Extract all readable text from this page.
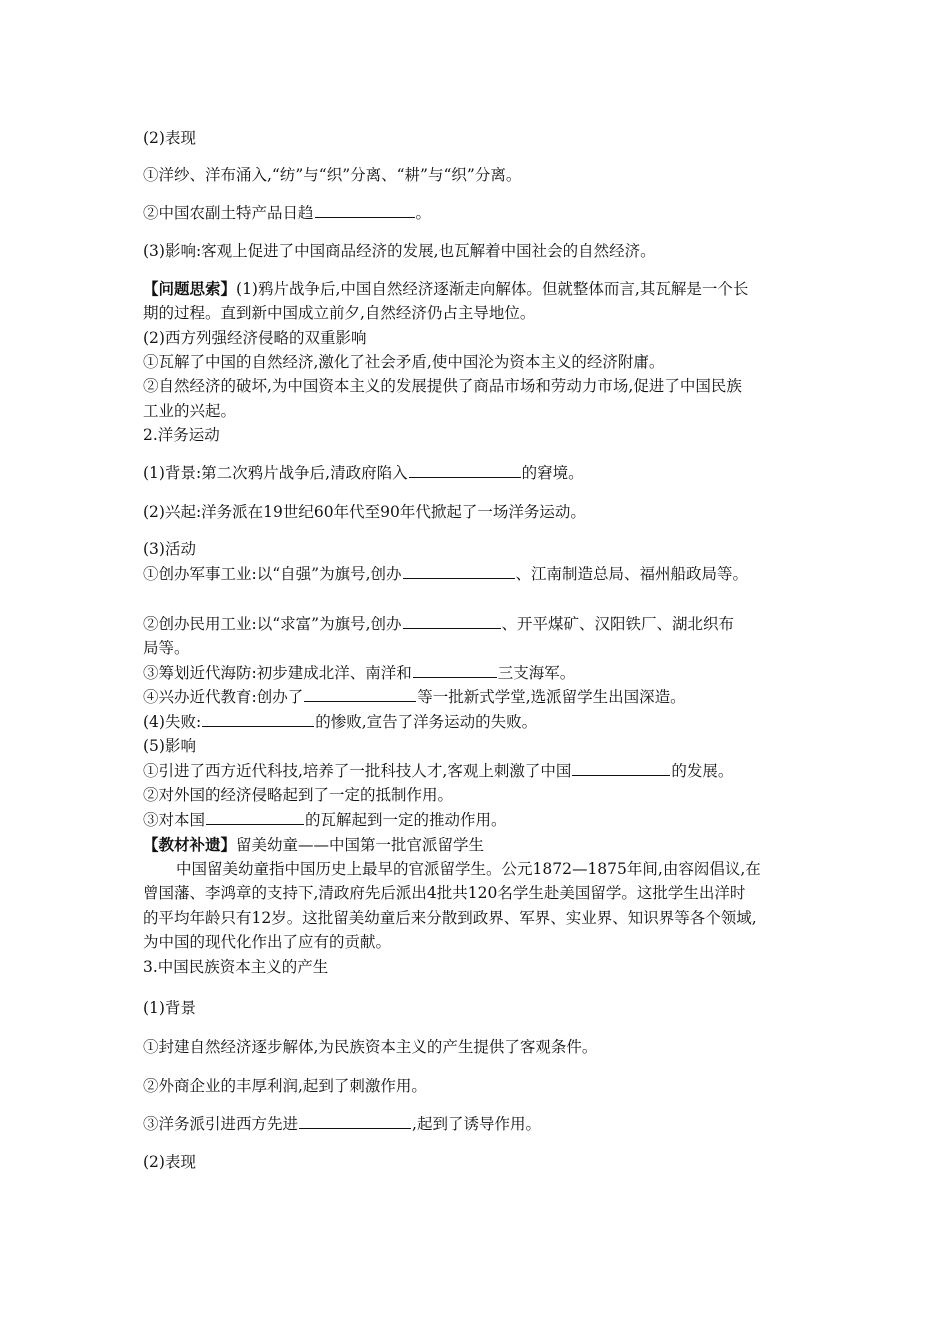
(2)表现
①洋纱、洋布涌入,“纺”与“织”分离、“耕”与“织”分离。
②中国农副土特产品日趋	。
(3)影响:客观上促进了中国商品经济的发展,也瓦解着中国社会的自然经济。
【问题思索】(1)鸦片战争后,中国自然经济逐渐走向解体。但就整体而言,其瓦解是一个长
期的过程。直到新中国成立前夕,自然经济仍占主导地位。
(2)西方列强经济侵略的双重影响
①瓦解了中国的自然经济,激化了社会矛盾,使中国沦为资本主义的经济附庸。
②自然经济的破坏,为中国资本主义的发展提供了商品市场和劳动力市场,促进了中国民族
工业的兴起。
2.洋务运动
(1)背景:第二次鸦片战争后,清政府陷入	的窘境。
(2)兴起:洋务派在19世纪60年代至90年代掀起了一场洋务运动。
(3)活动
①创办军事工业:以“自强”为旗号,创办	、江南制造总局、福州船政局等。
②创办民用工业:以“求富”为旗号,创办	、开平煤矿、汉阳铁厂、湖北织布
局等。
③筹划近代海防:初步建成北洋、南洋和	三支海军。
④兴办近代教育:创办了	等一批新式学堂,选派留学生出国深造。
(4)失败:	的惨败,宣告了洋务运动的失败。
(5)影响
①引进了西方近代科技,培养了一批科技人才,客观上刺激了中国	的发展。
②对外国的经济侵略起到了一定的抵制作用。
③对本国	的瓦解起到一定的推动作用。
【教材补遗】留美幼童——中国第一批官派留学生
中国留美幼童指中国历史上最早的官派留学生。公元1872—1875年间,由容闳倡议,在
曾国藩、李鸿章的支持下,清政府先后派出4批共120名学生赴美国留学。这批学生出洋时
的平均年龄只有12岁。这批留美幼童后来分散到政界、军界、实业界、知识界等各个领域,
为中国的现代化作出了应有的贡献。
3.中国民族资本主义的产生
(1)背景
①封建自然经济逐步解体,为民族资本主义的产生提供了客观条件。
②外商企业的丰厚利润,起到了刺激作用。
③洋务派引进西方先进	,起到了诱导作用。
(2)表现
